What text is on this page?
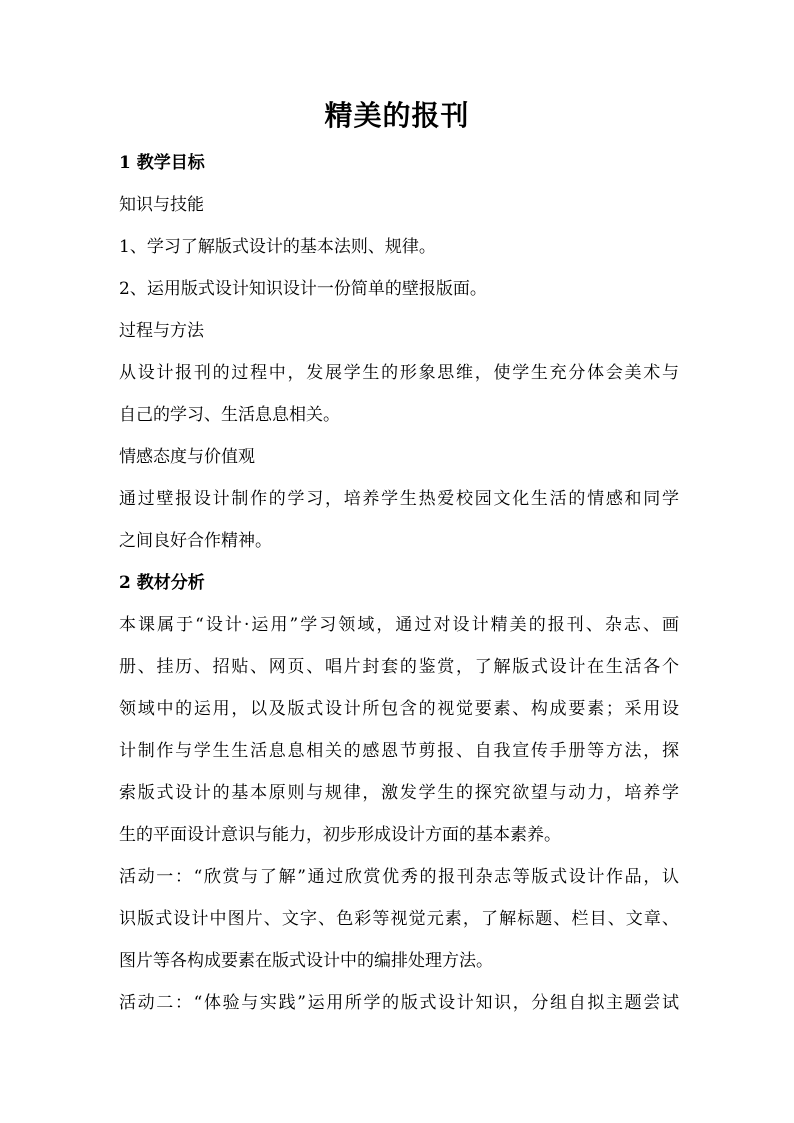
精美的报刊
1 教学目标
知识与技能
1、学习了解版式设计的基本法则、规律。
2、运用版式设计知识设计一份简单的壁报版面。
过程与方法
从设计报刊的过程中，发展学生的形象思维，使学生充分体会美术与
自己的学习、生活息息相关。
情感态度与价值观
通过壁报设计制作的学习，培养学生热爱校园文化生活的情感和同学
之间良好合作精神。
2 教材分析
本课属于“设计·运用”学习领域，通过对设计精美的报刊、杂志、画
册、挂历、招贴、网页、唱片封套的鉴赏，了解版式设计在生活各个
领域中的运用，以及版式设计所包含的视觉要素、构成要素；采用设
计制作与学生生活息息相关的感恩节剪报、自我宣传手册等方法，探
索版式设计的基本原则与规律，激发学生的探究欲望与动力，培养学
生的平面设计意识与能力，初步形成设计方面的基本素养。
活动一：“欣赏与了解”通过欣赏优秀的报刊杂志等版式设计作品，认
识版式设计中图片、文字、色彩等视觉元素，了解标题、栏目、文章、
图片等各构成要素在版式设计中的编排处理方法。
活动二：“体验与实践”运用所学的版式设计知识，分组自拟主题尝试
